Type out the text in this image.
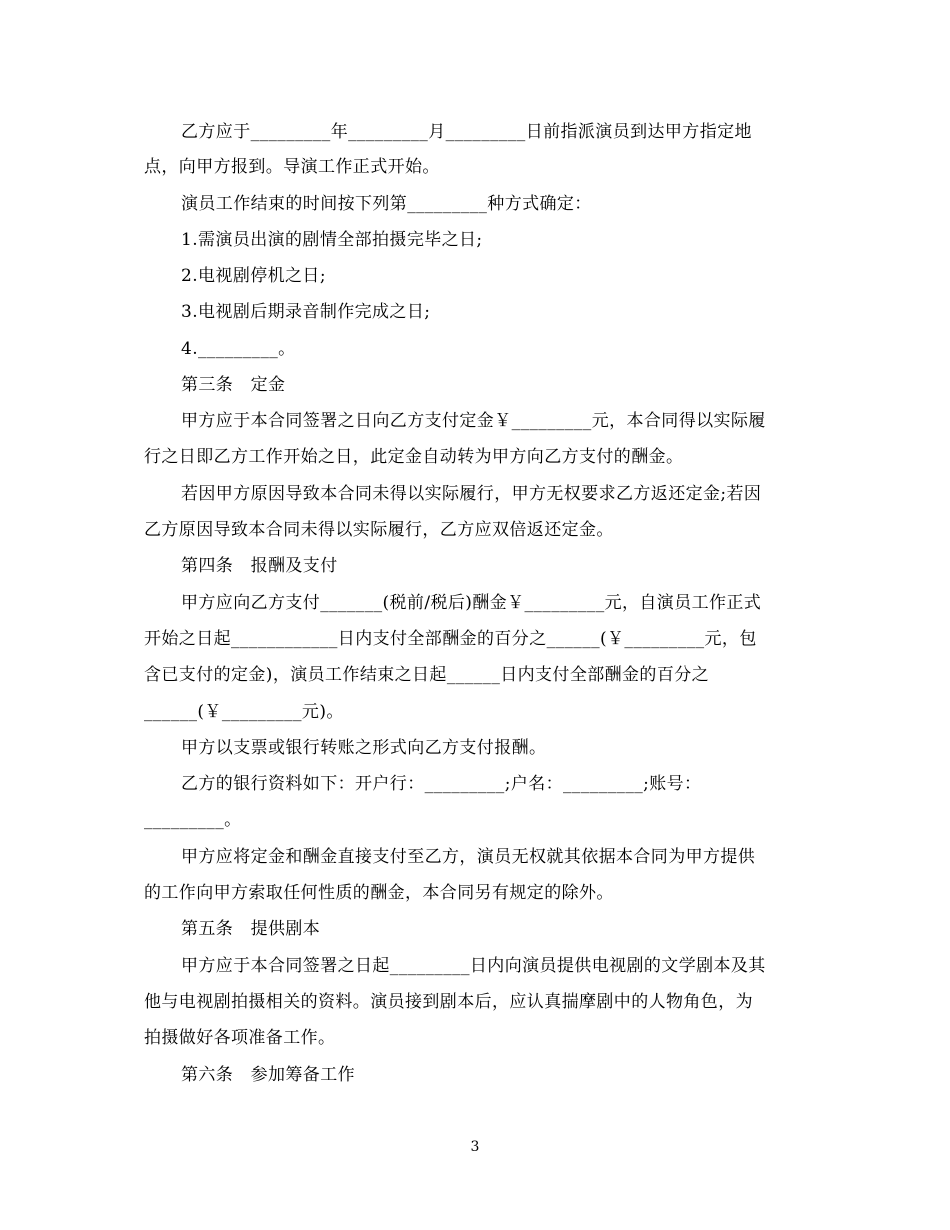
乙方应于_________年_________月_________日前指派演员到达甲方指定地
点，向甲方报到。导演工作正式开始。
演员工作结束的时间按下列第_________种方式确定：
1.需演员出演的剧情全部拍摄完毕之日;
2.电视剧停机之日;
3.电视剧后期录音制作完成之日;
4._________。
第三条　定金
甲方应于本合同签署之日向乙方支付定金￥_________元，本合同得以实际履
行之日即乙方工作开始之日，此定金自动转为甲方向乙方支付的酬金。
若因甲方原因导致本合同未得以实际履行，甲方无权要求乙方返还定金;若因
乙方原因导致本合同未得以实际履行，乙方应双倍返还定金。
第四条　报酬及支付
甲方应向乙方支付_______(税前/税后)酬金￥_________元，自演员工作正式
开始之日起____________日内支付全部酬金的百分之______(￥_________元，包
含已支付的定金)，演员工作结束之日起______日内支付全部酬金的百分之
______(￥_________元)。
甲方以支票或银行转账之形式向乙方支付报酬。
乙方的银行资料如下：开户行：_________;户名：_________;账号：
_________。
甲方应将定金和酬金直接支付至乙方，演员无权就其依据本合同为甲方提供
的工作向甲方索取任何性质的酬金，本合同另有规定的除外。
第五条　提供剧本
甲方应于本合同签署之日起_________日内向演员提供电视剧的文学剧本及其
他与电视剧拍摄相关的资料。演员接到剧本后，应认真揣摩剧中的人物角色，为
拍摄做好各项准备工作。
第六条　参加筹备工作
3
